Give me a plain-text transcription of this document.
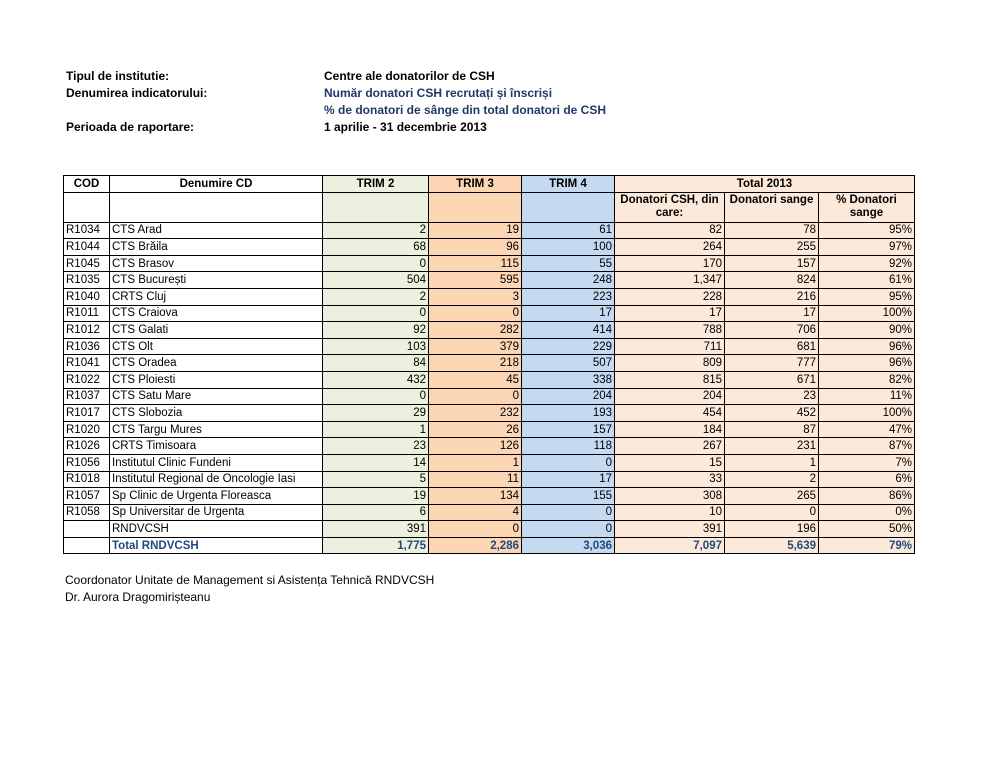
Tipul de institutie:	Centre ale donatorilor de CSH
Denumirea indicatorului:	Număr donatori CSH recrutați și înscriși
% de donatori de sânge din total donatori de CSH
Perioada de raportare:	1 aprilie - 31 decembrie 2013
COD	Denumire CD	TRIM 2	TRIM 3	TRIM 4	Total 2013		
					Donatori CSH, din care:	Donatori sange	% Donatori sange
R1034	CTS Arad	2	19	61	82	78	95%
R1044	CTS Brăila	68	96	100	264	255	97%
R1045	CTS Brasov	0	115	55	170	157	92%
R1035	CTS București	504	595	248	1,347	824	61%
R1040	CRTS Cluj	2	3	223	228	216	95%
R1011	CTS Craiova	0	0	17	17	17	100%
R1012	CTS Galati	92	282	414	788	706	90%
R1036	CTS Olt	103	379	229	711	681	96%
R1041	CTS Oradea	84	218	507	809	777	96%
R1022	CTS Ploiesti	432	45	338	815	671	82%
R1037	CTS Satu Mare	0	0	204	204	23	11%
R1017	CTS Slobozia	29	232	193	454	452	100%
R1020	CTS Targu Mures	1	26	157	184	87	47%
R1026	CRTS Timisoara	23	126	118	267	231	87%
R1056	Institutul Clinic Fundeni	14	1	0	15	1	7%
R1018	Institutul Regional de Oncologie Iasi	5	11	17	33	2	6%
R1057	Sp Clinic de Urgenta Floreasca	19	134	155	308	265	86%
R1058	Sp Universitar de Urgenta	6	4	0	10	0	0%
	RNDVCSH	391	0	0	391	196	50%
	Total RNDVCSH	1,775	2,286	3,036	7,097	5,639	79%
Coordonator Unitate de Management si Asistența Tehnică RNDVCSH
Dr. Aurora Dragomirișteanu
